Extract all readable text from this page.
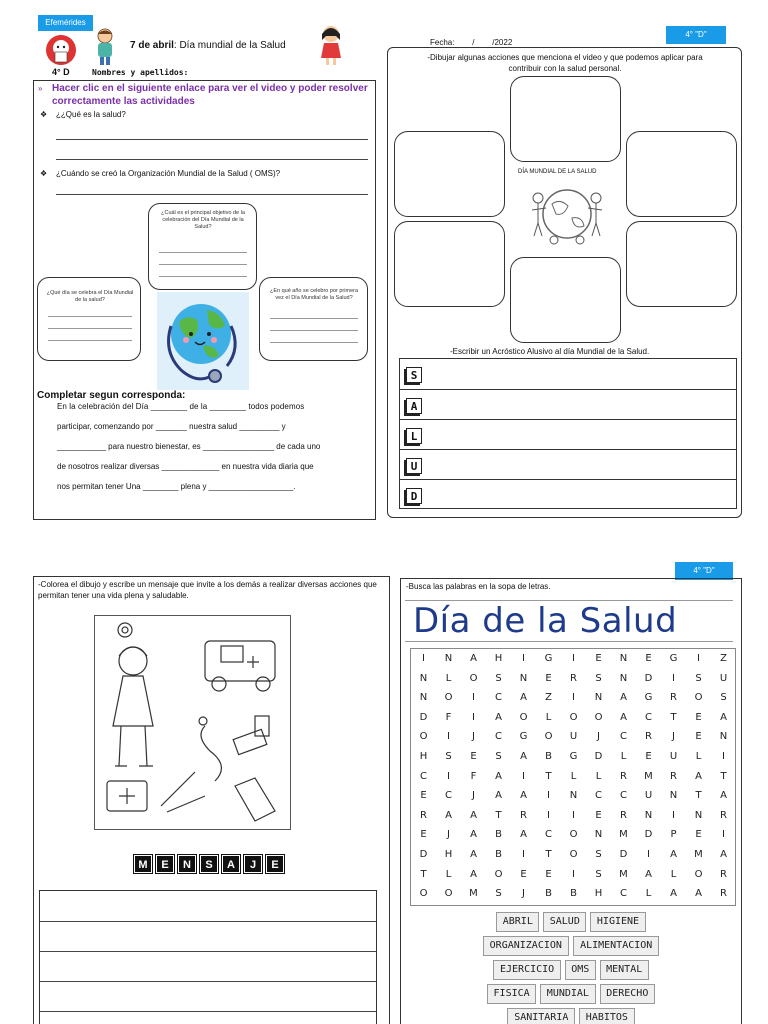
Efemérides
4° D
7 de abril: Día mundial de la Salud
Nombres y apellidos:
» Hacer clic en el siguiente enlace para ver el video y poder resolver correctamente las actividades
❖ ¿¿Qué es la salud?
❖ ¿Cuándo se creó la Organización Mundial de la Salud ( OMS)?
¿Cuál es el principal objetivo de la celebración del Día Mundial de la Salud?
¿Qué día se celebra el Día Mundial de la salud?
¿En qué año se celebro por primera vez el Día Mundial de la Salud?
Completar segun corresponda:
En la celebración del Día ________ de la ________ todos podemos
participar, comenzando por _______ nuestra salud _________ y
___________ para nuestro bienestar, es ________________ de cada uno
de nosotros realizar diversas _____________ en nuestra vida diaria que
nos permitan tener Una ________ plena y ___________________.
Fecha:        /        /2022
4° "D"
-Dibujar algunas acciones que menciona el video y que podemos aplicar para contribuir con la salud personal.
DÍA MUNDIAL DE LA SALUD
-Escribir un Acróstico Alusivo al día Mundial de la Salud.
S
A
L
U
D
-Colorea el dibujo y escribe un mensaje que invite a los demás a realizar diversas acciones que permitan tener una vida plena y saludable.
M	E	N	S	A	J	E
4° "D"
-Busca las palabras en la sopa de letras.
Día de la Salud
I	N	A	H	I	G	I	E	N	E	G	I	Z
N	L	O	S	N	E	R	S	N	D	I	S	U
N	O	I	C	A	Z	I	N	A	G	R	O	S
D	F	I	A	O	L	O	O	A	C	T	E	A
O	I	J	C	G	O	U	J	C	R	J	E	N
H	S	E	S	A	B	G	D	L	E	U	L	I
C	I	F	A	I	T	L	L	R	M	R	A	T
E	C	J	A	A	I	N	C	C	U	N	T	A
R	A	A	T	R	I	I	E	R	N	I	N	R
E	J	A	B	A	C	O	N	M	D	P	E	I
D	H	A	B	I	T	O	S	D	I	A	M	A
T	L	A	O	E	E	I	S	M	A	L	O	R
O	O	M	S	J	B	B	H	C	L	A	A	R
ABRIL	SALUD	HIGIENE
ORGANIZACION	ALIMENTACION
EJERCICIO	OMS	MENTAL
FISICA	MUNDIAL	DERECHO
SANITARIA	HABITOS
